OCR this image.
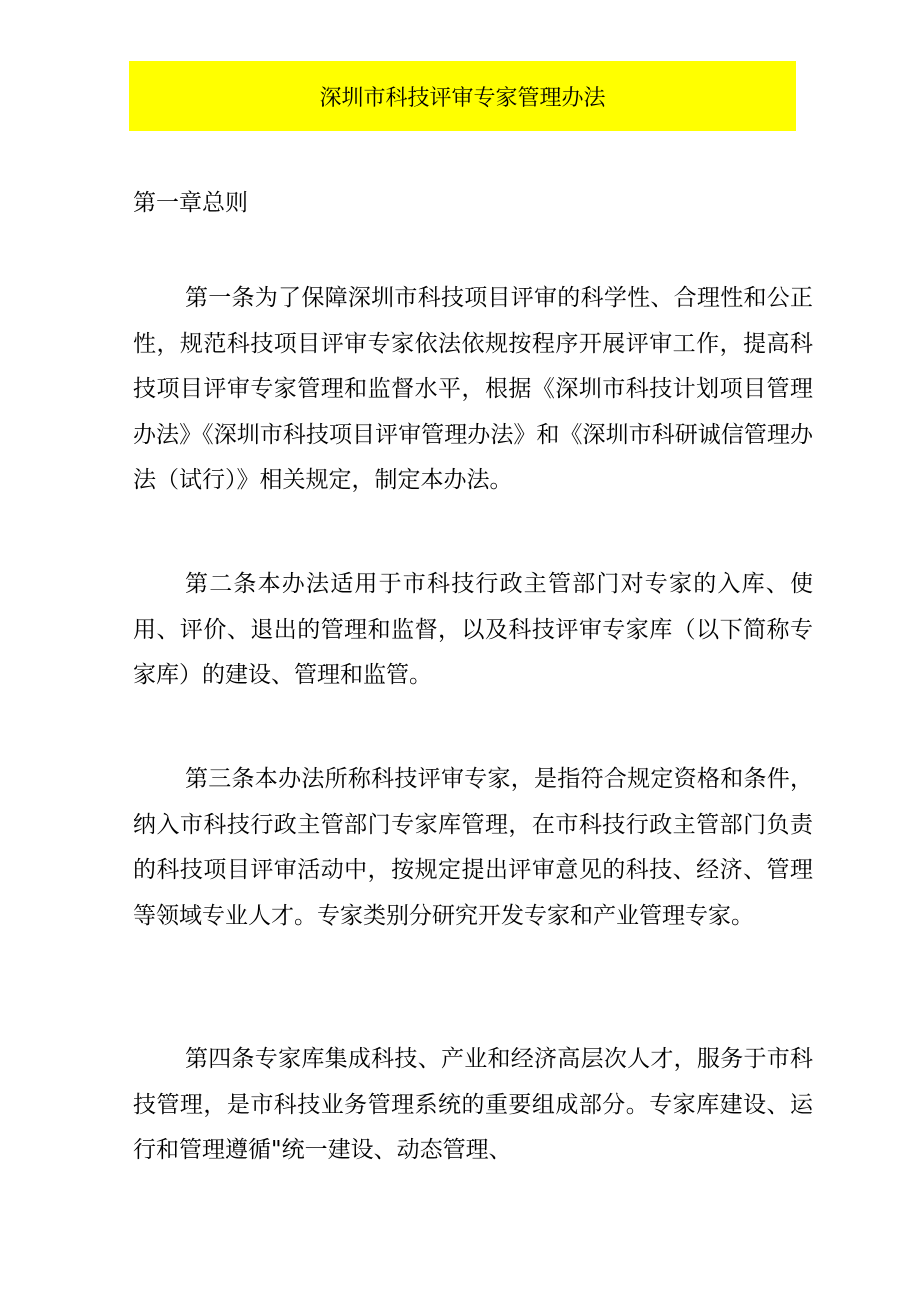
深圳市科技评审专家管理办法
第一章总则

第一条为了保障深圳市科技项目评审的科学性、合理性和公正性，规范科技项目评审专家依法依规按程序开展评审工作，提高科技项目评审专家管理和监督水平，根据《深圳市科技计划项目管理办法》《深圳市科技项目评审管理办法》和《深圳市科研诚信管理办法（试行）》相关规定，制定本办法。

第二条本办法适用于市科技行政主管部门对专家的入库、使用、评价、退出的管理和监督，以及科技评审专家库（以下简称专家库）的建设、管理和监管。

第三条本办法所称科技评审专家，是指符合规定资格和条件，纳入市科技行政主管部门专家库管理，在市科技行政主管部门负责的科技项目评审活动中，按规定提出评审意见的科技、经济、管理等领域专业人才。专家类别分研究开发专家和产业管理专家。

第四条专家库集成科技、产业和经济高层次人才，服务于市科技管理，是市科技业务管理系统的重要组成部分。专家库建设、运行和管理遵循"统一建设、动态管理、
